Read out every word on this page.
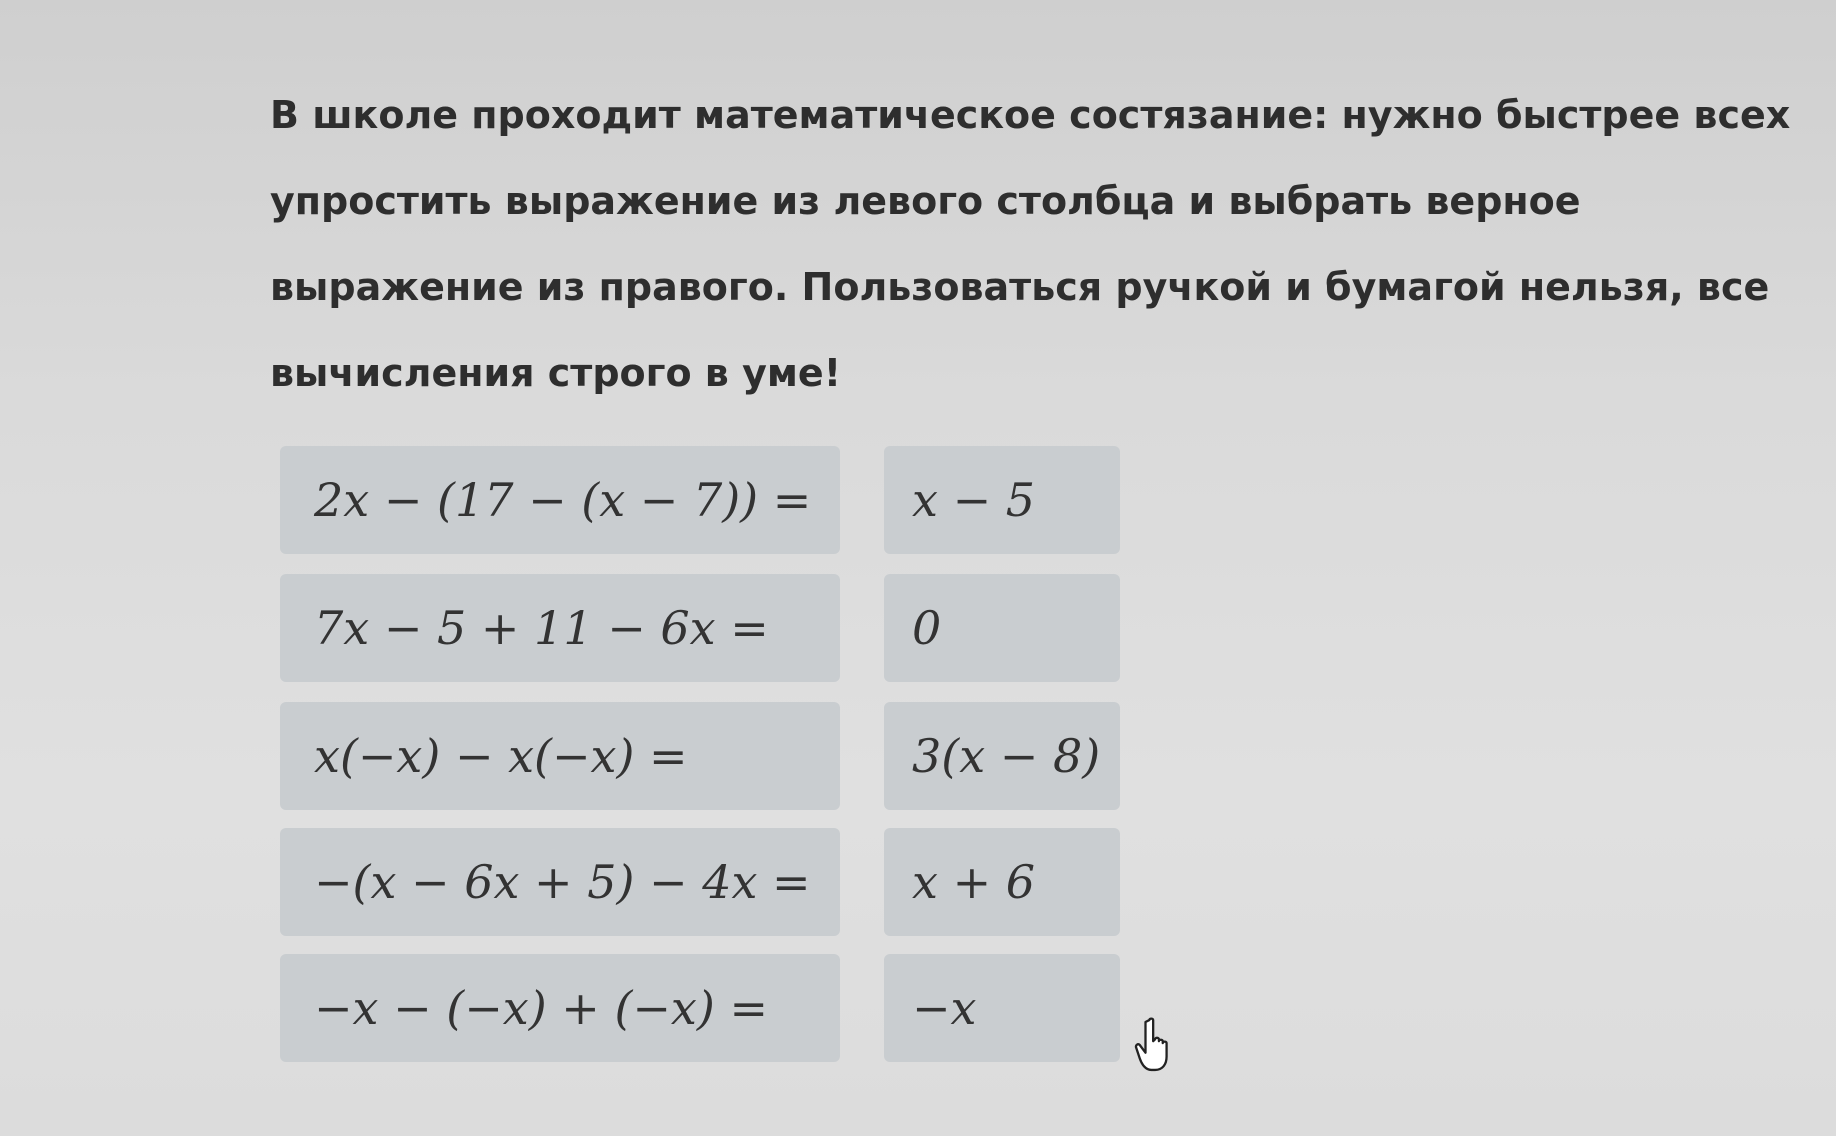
В школе проходит математическое состязание: нужно быстрее всех упростить выражение из левого столбца и выбрать верное выражение из правого. Пользоваться ручкой и бумагой нельзя, все вычисления строго в уме!

2x − (17 − (x − 7)) =
7x − 5 + 11 − 6x =
x(−x) − x(−x) =
−(x − 6x + 5) − 4x =
−x − (−x) + (−x) =
x − 5
0
3(x − 8)
x + 6
−x
